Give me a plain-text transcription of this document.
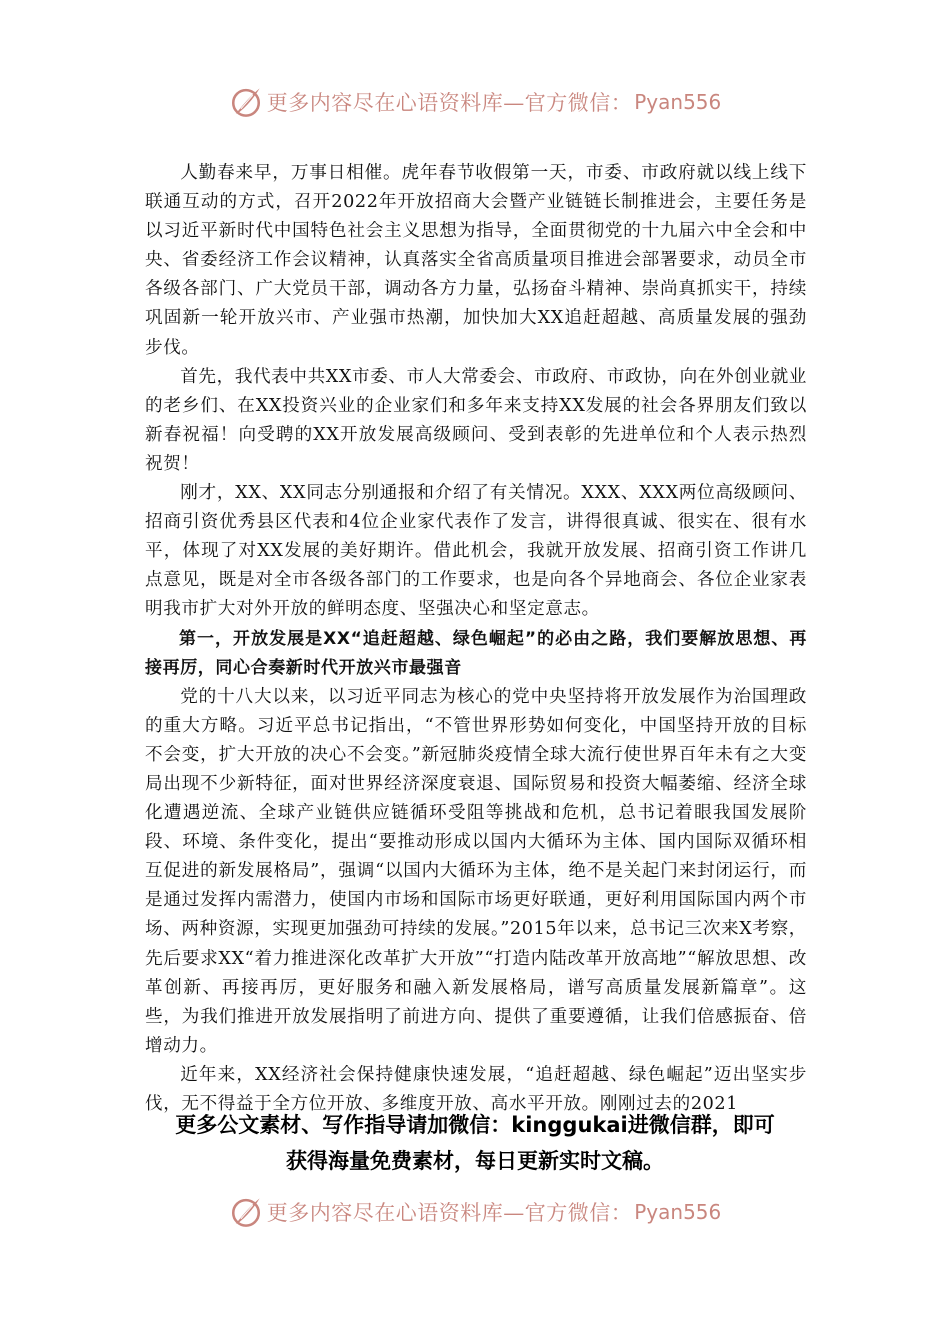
更多内容尽在心语资料库—官方微信： Pyan556

人勤春来早，万事日相催。虎年春节收假第一天，市委、市政府就以线上线下联通互动的方式，召开2022年开放招商大会暨产业链链长制推进会，主要任务是以习近平新时代中国特色社会主义思想为指导，全面贯彻党的十九届六中全会和中央、省委经济工作会议精神，认真落实全省高质量项目推进会部署要求，动员全市各级各部门、广大党员干部，调动各方力量，弘扬奋斗精神、崇尚真抓实干，持续巩固新一轮开放兴市、产业强市热潮，加快加大XX追赶超越、高质量发展的强劲步伐。

首先，我代表中共XX市委、市人大常委会、市政府、市政协，向在外创业就业的老乡们、在XX投资兴业的企业家们和多年来支持XX发展的社会各界朋友们致以新春祝福！向受聘的XX开放发展高级顾问、受到表彰的先进单位和个人表示热烈祝贺！

刚才，XX、XX同志分别通报和介绍了有关情况。XXX、XXX两位高级顾问、招商引资优秀县区代表和4位企业家代表作了发言，讲得很真诚、很实在、很有水平，体现了对XX发展的美好期许。借此机会，我就开放发展、招商引资工作讲几点意见，既是对全市各级各部门的工作要求，也是向各个异地商会、各位企业家表明我市扩大对外开放的鲜明态度、坚强决心和坚定意志。

第一，开放发展是XX“追赶超越、绿色崛起”的必由之路，我们要解放思想、再接再厉，同心合奏新时代开放兴市最强音

党的十八大以来，以习近平同志为核心的党中央坚持将开放发展作为治国理政的重大方略。习近平总书记指出，“不管世界形势如何变化，中国坚持开放的目标不会变，扩大开放的决心不会变。”新冠肺炎疫情全球大流行使世界百年未有之大变局出现不少新特征，面对世界经济深度衰退、国际贸易和投资大幅萎缩、经济全球化遭遇逆流、全球产业链供应链循环受阻等挑战和危机，总书记着眼我国发展阶段、环境、条件变化，提出“要推动形成以国内大循环为主体、国内国际双循环相互促进的新发展格局”，强调“以国内大循环为主体，绝不是关起门来封闭运行，而是通过发挥内需潜力，使国内市场和国际市场更好联通，更好利用国际国内两个市场、两种资源，实现更加强劲可持续的发展。”2015年以来，总书记三次来X考察，先后要求XX“着力推进深化改革扩大开放”“打造内陆改革开放高地”“解放思想、改革创新、再接再厉，更好服务和融入新发展格局，谱写高质量发展新篇章”。这些，为我们推进开放发展指明了前进方向、提供了重要遵循，让我们倍感振奋、倍增动力。

近年来，XX经济社会保持健康快速发展，“追赶超越、绿色崛起”迈出坚实步伐，无不得益于全方位开放、多维度开放、高水平开放。刚刚过去的2021

更多公文素材、写作指导请加微信：kinggukai进微信群，即可
获得海量免费素材，每日更新实时文稿。
更多内容尽在心语资料库—官方微信： Pyan556
